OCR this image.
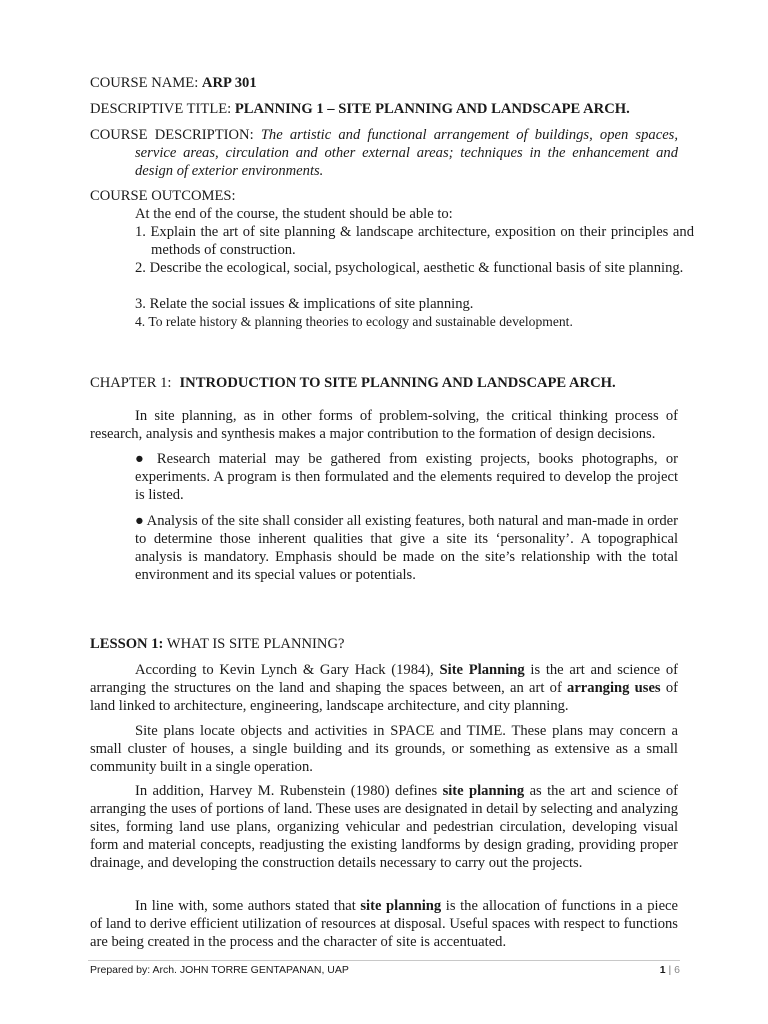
COURSE NAME: ARP 301
DESCRIPTIVE TITLE: PLANNING 1 – SITE PLANNING AND LANDSCAPE ARCH.
COURSE DESCRIPTION: The artistic and functional arrangement of buildings, open spaces, service areas, circulation and other external areas; techniques in the enhancement and design of exterior environments.
COURSE OUTCOMES:
At the end of the course, the student should be able to:
1. Explain the art of site planning & landscape architecture, exposition on their principles and methods of construction.
2. Describe the ecological, social, psychological, aesthetic & functional basis of site planning.
3. Relate the social issues & implications of site planning.
4. To relate history & planning theories to ecology and sustainable development.
CHAPTER 1: INTRODUCTION TO SITE PLANNING AND LANDSCAPE ARCH.
In site planning, as in other forms of problem-solving, the critical thinking process of research, analysis and synthesis makes a major contribution to the formation of design decisions.
● Research material may be gathered from existing projects, books photographs, or experiments. A program is then formulated and the elements required to develop the project is listed.
● Analysis of the site shall consider all existing features, both natural and man-made in order to determine those inherent qualities that give a site its ‘personality’. A topographical analysis is mandatory. Emphasis should be made on the site’s relationship with the total environment and its special values or potentials.
LESSON 1: WHAT IS SITE PLANNING?
According to Kevin Lynch & Gary Hack (1984), Site Planning is the art and science of arranging the structures on the land and shaping the spaces between, an art of arranging uses of land linked to architecture, engineering, landscape architecture, and city planning.
Site plans locate objects and activities in SPACE and TIME. These plans may concern a small cluster of houses, a single building and its grounds, or something as extensive as a small community built in a single operation.
In addition, Harvey M. Rubenstein (1980) defines site planning as the art and science of arranging the uses of portions of land. These uses are designated in detail by selecting and analyzing sites, forming land use plans, organizing vehicular and pedestrian circulation, developing visual form and material concepts, readjusting the existing landforms by design grading, providing proper drainage, and developing the construction details necessary to carry out the projects.
In line with, some authors stated that site planning is the allocation of functions in a piece of land to derive efficient utilization of resources at disposal. Useful spaces with respect to functions are being created in the process and the character of site is accentuated.
Prepared by: Arch. JOHN TORRE GENTAPANAN, UAP	1 | 6
